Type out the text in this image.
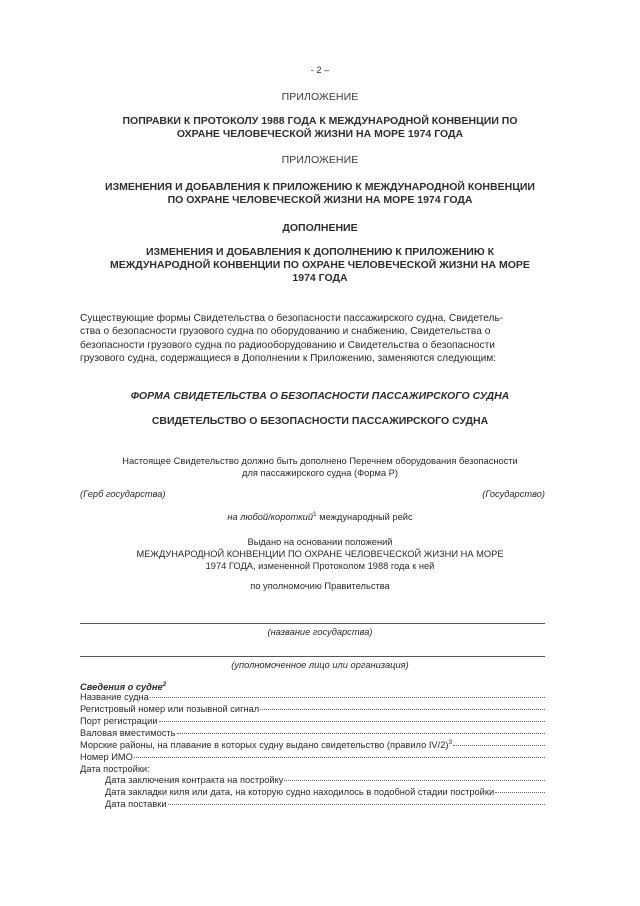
- 2 –
ПРИЛОЖЕНИЕ
ПОПРАВКИ К ПРОТОКОЛУ 1988 ГОДА К МЕЖДУНАРОДНОЙ КОНВЕНЦИИ ПО
ОХРАНЕ ЧЕЛОВЕЧЕСКОЙ ЖИЗНИ НА МОРЕ 1974 ГОДА
ПРИЛОЖЕНИЕ
ИЗМЕНЕНИЯ И ДОБАВЛЕНИЯ К ПРИЛОЖЕНИЮ К МЕЖДУНАРОДНОЙ КОНВЕНЦИИ
ПО ОХРАНЕ ЧЕЛОВЕЧЕСКОЙ ЖИЗНИ НА МОРЕ 1974 ГОДА
ДОПОЛНЕНИЕ
ИЗМЕНЕНИЯ И ДОБАВЛЕНИЯ К ДОПОЛНЕНИЮ К ПРИЛОЖЕНИЮ К
МЕЖДУНАРОДНОЙ КОНВЕНЦИИ ПО ОХРАНЕ ЧЕЛОВЕЧЕСКОЙ ЖИЗНИ НА МОРЕ
1974 ГОДА
Существующие формы Свидетельства о безопасности пассажирского судна, Свидетель-
ства о безопасности грузового судна по оборудованию и снабжению, Свидетельства о
безопасности грузового судна по радиооборудованию и Свидетельства о безопасности
грузового судна, содержащиеся в Дополнении к Приложению, заменяются следующим:
ФОРМА СВИДЕТЕЛЬСТВА О БЕЗОПАСНОСТИ ПАССАЖИРСКОГО СУДНА
СВИДЕТЕЛЬСТВО О БЕЗОПАСНОСТИ ПАССАЖИРСКОГО СУДНА
Настоящее Свидетельство должно быть дополнено Перечнем оборудования безопасности
для пассажирского судна (Форма Р)
(Герб государства)	(Государство)
на любой/короткий$^1$ международный рейс
Выдано на основании положений
МЕЖДУНАРОДНОЙ КОНВЕНЦИИ ПО ОХРАНЕ ЧЕЛОВЕЧЕСКОЙ ЖИЗНИ НА МОРЕ
1974 ГОДА, измененной Протоколом 1988 года к ней
по уполномочию Правительства
(название государства)
(уполномоченное лицо или организация)
Сведения о судне$^2$
Название судна
Регистровый номер или позывной сигнал
Порт регистрации
Валовая вместимость
Морские районы, на плавание в которых судну выдано свидетельство (правило IV/2)$^3$
Номер ИМО
Дата постройки:
Дата заключения контракта на постройку
Дата закладки киля или дата, на которую судно находилось в подобной стадии постройки
Дата поставки
